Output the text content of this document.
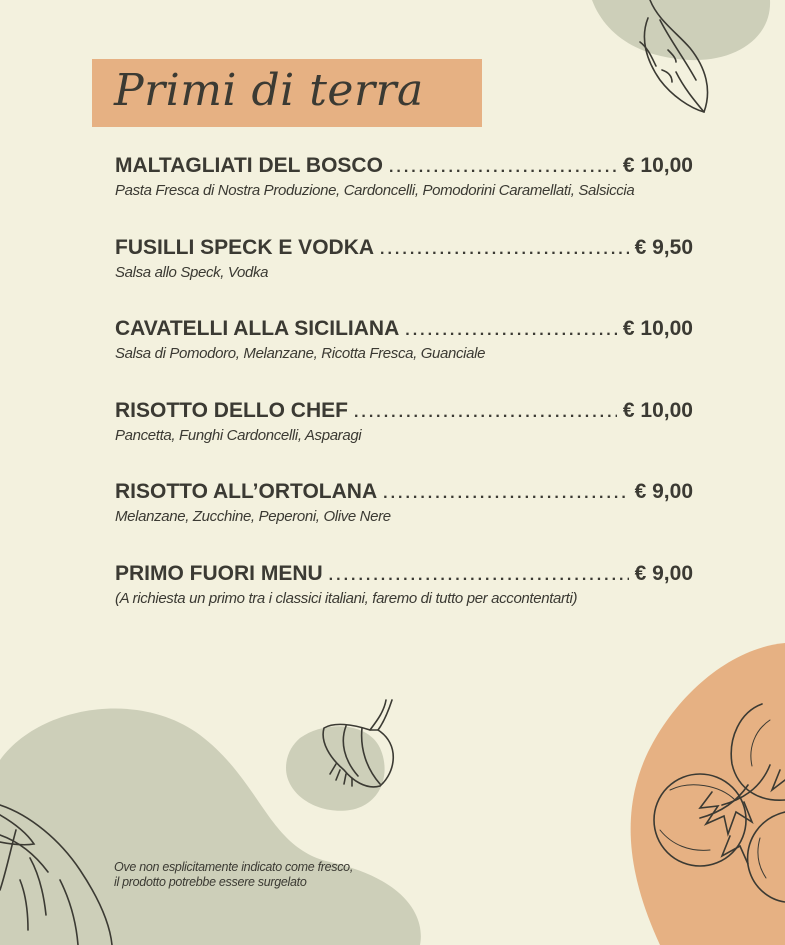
Primi di terra
MALTAGLIATI DEL BOSCO .....	€ 10,00
Pasta Fresca di Nostra Produzione, Cardoncelli, Pomodorini Caramellati, Salsiccia
FUSILLI SPECK E VODKA .....	€ 9,50
Salsa allo Speck, Vodka
CAVATELLI ALLA SICILIANA .....	€ 10,00
Salsa di Pomodoro, Melanzane, Ricotta Fresca, Guanciale
RISOTTO DELLO CHEF .....	€ 10,00
Pancetta, Funghi Cardoncelli, Asparagi
RISOTTO ALL’ORTOLANA .....	€ 9,00
Melanzane, Zucchine, Peperoni, Olive Nere
PRIMO FUORI MENU .....	€ 9,00
(A richiesta un primo tra i classici italiani, faremo di tutto per accontentarti)
Ove non esplicitamente indicato come fresco,
il prodotto potrebbe essere surgelato
